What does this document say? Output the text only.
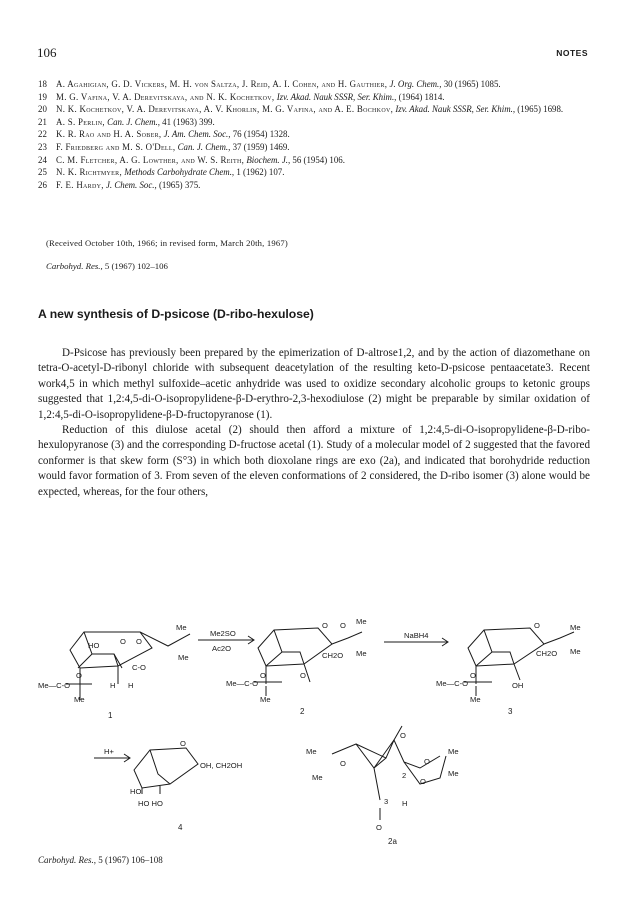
106	NOTES
18 A. Agahigian, G. D. Vickers, M. H. von Saltza, J. Reid, A. I. Cohen, and H. Gauthier, J. Org. Chem., 30 (1965) 1085.
19 M. G. Vafina, V. A. Derevitskaya, and N. K. Kochetkov, Izv. Akad. Nauk SSSR, Ser. Khim., (1964) 1814.
20 N. K. Kochetkov, V. A. Derevitskaya, A. V. Khorlin, M. G. Vafina, and A. E. Bochkov, Izv. Akad. Nauk SSSR, Ser. Khim., (1965) 1698.
21 A. S. Perlin, Can. J. Chem., 41 (1963) 399.
22 K. R. Rao and H. A. Sober, J. Am. Chem. Soc., 76 (1954) 1328.
23 F. Friedberg and M. S. O'Dell, Can. J. Chem., 37 (1959) 1469.
24 C. M. Fletcher, A. G. Lowther, and W. S. Reith, Biochem. J., 56 (1954) 106.
25 N. K. Richtmyer, Methods Carbohydrate Chem., 1 (1962) 107.
26 F. E. Hardy, J. Chem. Soc., (1965) 375.
(Received October 10th, 1966; in revised form, March 20th, 1967)
Carbohyd. Res., 5 (1967) 102–106
A new synthesis of D-psicose (D-ribo-hexulose)

D-Psicose has previously been prepared by the epimerization of D-altrose1,2, and by the action of diazomethane on tetra-O-acetyl-D-ribonyl chloride with subsequent deacetylation of the resulting keto-D-psicose pentaacetate3. Recent work4,5 in which methyl sulfoxide–acetic anhydride was used to oxidize secondary alcoholic groups to ketonic groups suggested that 1,2:4,5-di-O-isopropylidene-β-D-erythro-2,3-hexodiulose (2) might be preparable by similar oxidation of 1,2:4,5-di-O-isopropylidene-β-D-fructopyranose (1).

Reduction of this diulose acetal (2) should then afford a mixture of 1,2:4,5-di-O-isopropylidene-β-D-ribo-hexulopyranose (3) and the corresponding D-fructose acetal (1). Study of a molecular model of 2 suggested that the favored conformer is that skew form (S°3) in which both dioxolane rings are exo (2a), and indicated that borohydride reduction would favor formation of 3. From seven of the eleven conformations of 2 considered, the D-ribo isomer (3) alone would be expected, whereas, for the four others,

HO	O O
Me
Me
C-O
O
Me—C-O	H H
Me
1
Me2SO
Ac2O
O O Me
Me
CH2O
O	O
Me—C-O
Me
2
NaBH4
O	Me
Me
CH2O
O
OH
Me—C-O
Me
3
H+
O
OH, CH2OH
HO
HO HO
4
Me
Me
O
O
O
O
2
3 H
O
Me
Me
2a
Carbohyd. Res., 5 (1967) 106–108
